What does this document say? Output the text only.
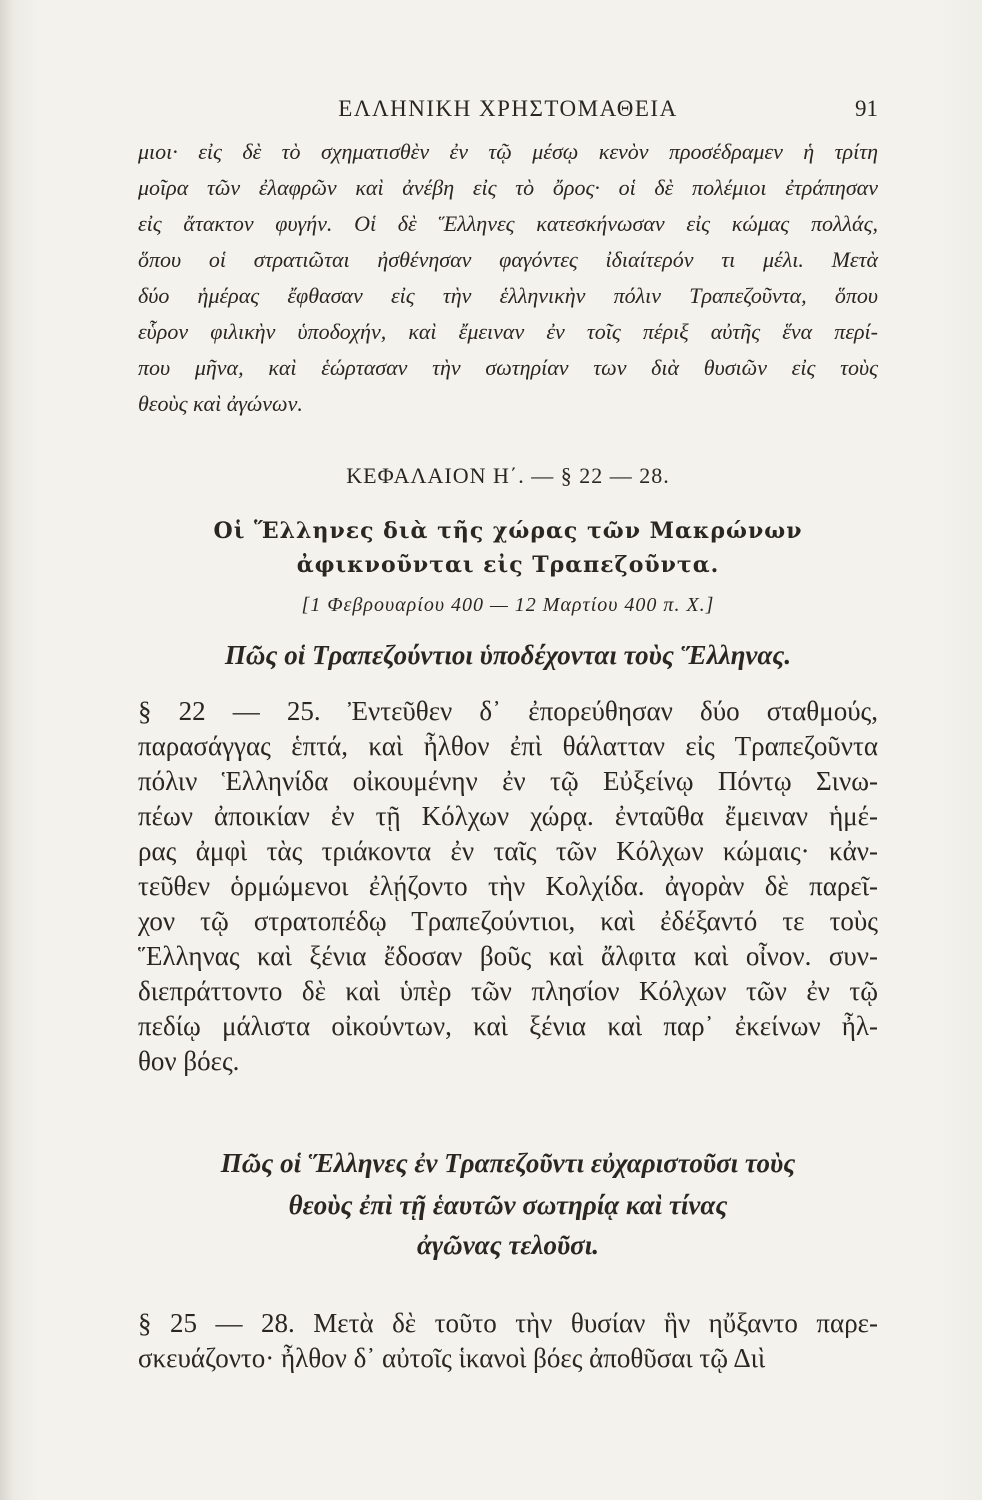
ΕΛΛΗΝΙΚΗ ΧΡΗΣΤΟΜΑΘΕΙΑ	91
μιοι· εἰς δὲ τὸ σχηματισθὲν ἐν τῷ μέσῳ κενὸν προσέδραμεν ἡ τρίτη
μοῖρα τῶν ἐλαφρῶν καὶ ἀνέβη εἰς τὸ ὄρος· οἱ δὲ πολέμιοι ἐτράπησαν
εἰς ἄτακτον φυγήν. Οἱ δὲ Ἕλληνες κατεσκήνωσαν εἰς κώμας πολλάς,
ὅπου οἱ στρατιῶται ἠσθένησαν φαγόντες ἰδιαίτερόν τι μέλι. Μετὰ
δύο ἡμέρας ἔφθασαν εἰς τὴν ἑλληνικὴν πόλιν Τραπεζοῦντα, ὅπου
εὗρον φιλικὴν ὑποδοχήν, καὶ ἔμειναν ἐν τοῖς πέριξ αὐτῆς ἕνα περί-
που μῆνα, καὶ ἑώρτασαν τὴν σωτηρίαν των διὰ θυσιῶν εἰς τοὺς
θεοὺς καὶ ἀγώνων.
ΚΕΦΑΛΑΙΟΝ Η΄. — § 22 — 28.
Οἱ Ἕλληνες διὰ τῆς χώρας τῶν Μακρώνων
ἀφικνοῦνται εἰς Τραπεζοῦντα.
[1 Φεβρουαρίου 400 — 12 Μαρτίου 400 π. Χ.]
Πῶς οἱ Τραπεζούντιοι ὑποδέχονται τοὺς Ἕλληνας.
§ 22 — 25. Ἐντεῦθεν δ᾽ ἐπορεύθησαν δύο σταθμούς,
παρασάγγας ἑπτά, καὶ ἦλθον ἐπὶ θάλατταν εἰς Τραπεζοῦντα
πόλιν Ἑλληνίδα οἰκουμένην ἐν τῷ Εὐξείνῳ Πόντῳ Σινω-
πέων ἀποικίαν ἐν τῇ Κόλχων χώρᾳ. ἐνταῦθα ἔμειναν ἡμέ-
ρας ἀμφὶ τὰς τριάκοντα ἐν ταῖς τῶν Κόλχων κώμαις· κἀν-
τεῦθεν ὁρμώμενοι ἐλῄζοντο τὴν Κολχίδα. ἀγορὰν δὲ παρεῖ-
χον τῷ στρατοπέδῳ Τραπεζούντιοι, καὶ ἐδέξαντό τε τοὺς
Ἕλληνας καὶ ξένια ἔδοσαν βοῦς καὶ ἄλφιτα καὶ οἶνον. συν-
διεπράττοντο δὲ καὶ ὑπὲρ τῶν πλησίον Κόλχων τῶν ἐν τῷ
πεδίῳ μάλιστα οἰκούντων, καὶ ξένια καὶ παρ᾽ ἐκείνων ἦλ-
θον βόες.
Πῶς οἱ Ἕλληνες ἐν Τραπεζοῦντι εὐχαριστοῦσι τοὺς
θεοὺς ἐπὶ τῇ ἑαυτῶν σωτηρίᾳ καὶ τίνας
ἀγῶνας τελοῦσι.
§ 25 — 28. Μετὰ δὲ τοῦτο τὴν θυσίαν ἣν ηὔξαντο παρε-
σκευάζοντο· ἦλθον δ᾽ αὐτοῖς ἱκανοὶ βόες ἀποθῦσαι τῷ Διὶ
